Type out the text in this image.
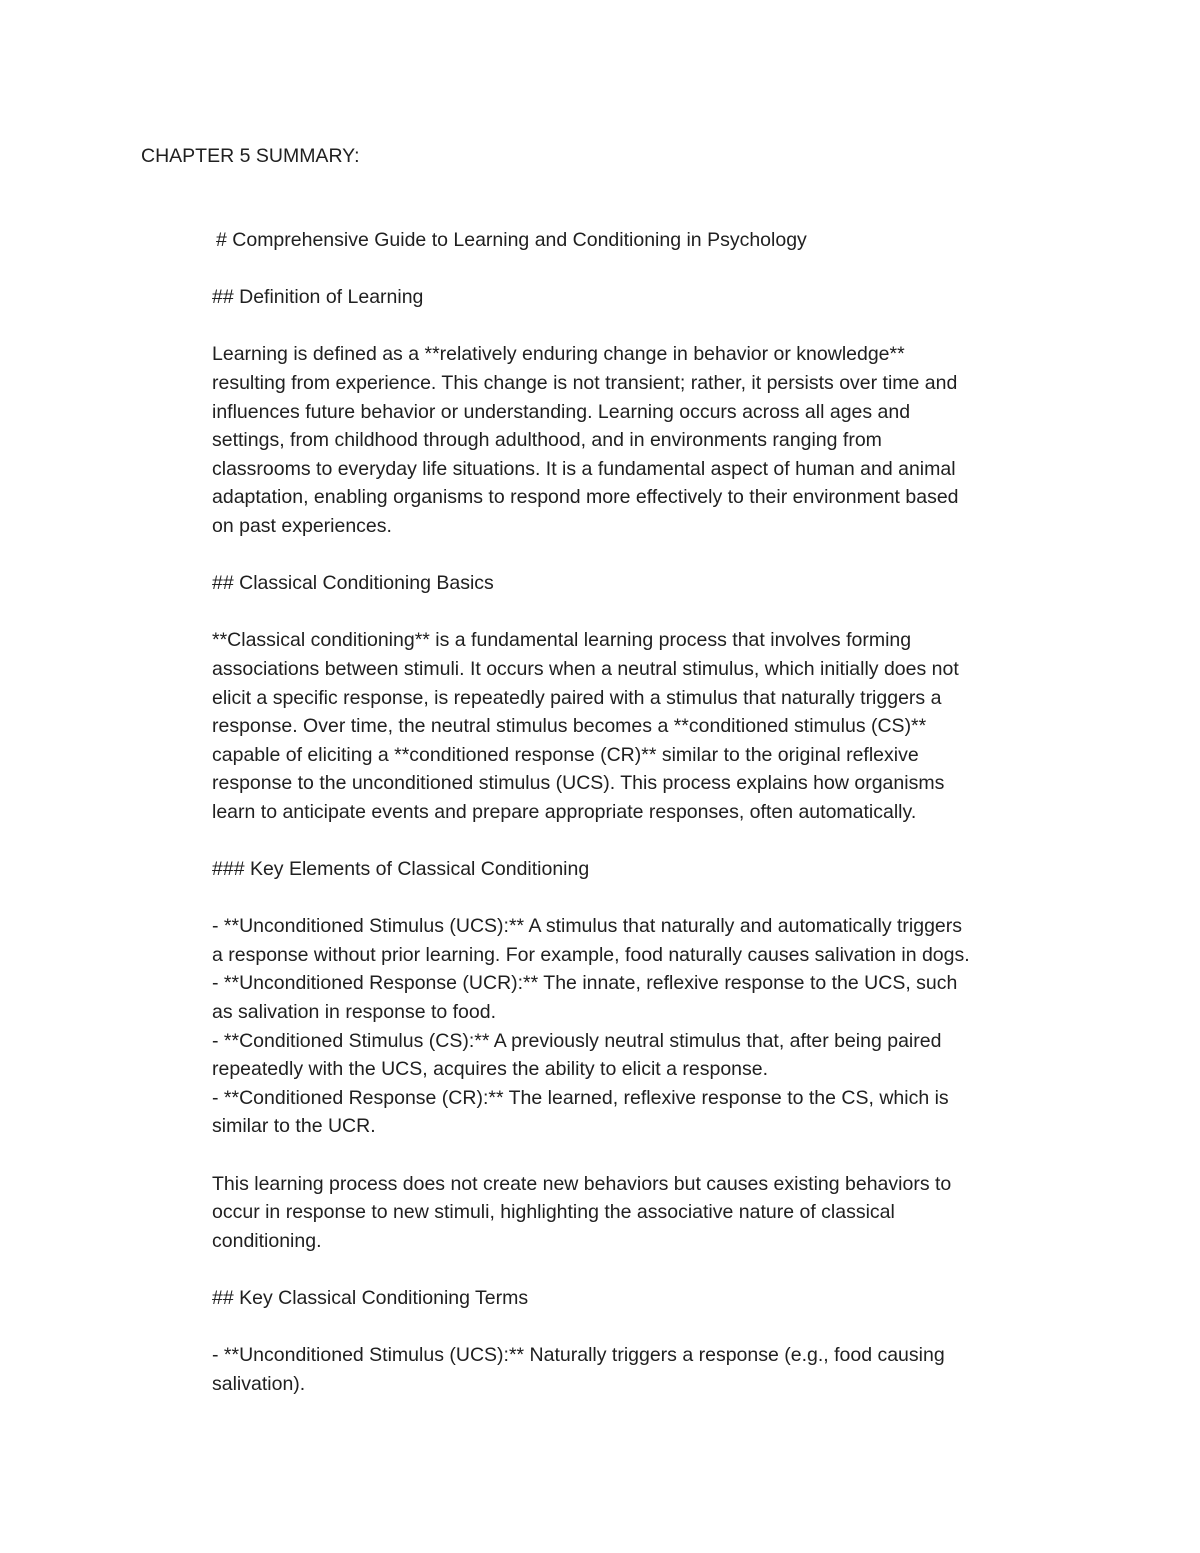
CHAPTER 5 SUMMARY:

# Comprehensive Guide to Learning and Conditioning in Psychology

## Definition of Learning

Learning is defined as a **relatively enduring change in behavior or knowledge**
resulting from experience. This change is not transient; rather, it persists over time and
influences future behavior or understanding. Learning occurs across all ages and
settings, from childhood through adulthood, and in environments ranging from
classrooms to everyday life situations. It is a fundamental aspect of human and animal
adaptation, enabling organisms to respond more effectively to their environment based
on past experiences.

## Classical Conditioning Basics

**Classical conditioning** is a fundamental learning process that involves forming
associations between stimuli. It occurs when a neutral stimulus, which initially does not
elicit a specific response, is repeatedly paired with a stimulus that naturally triggers a
response. Over time, the neutral stimulus becomes a **conditioned stimulus (CS)**
capable of eliciting a **conditioned response (CR)** similar to the original reflexive
response to the unconditioned stimulus (UCS). This process explains how organisms
learn to anticipate events and prepare appropriate responses, often automatically.

### Key Elements of Classical Conditioning

- **Unconditioned Stimulus (UCS):** A stimulus that naturally and automatically triggers
a response without prior learning. For example, food naturally causes salivation in dogs.

- **Unconditioned Response (UCR):** The innate, reflexive response to the UCS, such
as salivation in response to food.

- **Conditioned Stimulus (CS):** A previously neutral stimulus that, after being paired
repeatedly with the UCS, acquires the ability to elicit a response.

- **Conditioned Response (CR):** The learned, reflexive response to the CS, which is
similar to the UCR.

This learning process does not create new behaviors but causes existing behaviors to
occur in response to new stimuli, highlighting the associative nature of classical
conditioning.

## Key Classical Conditioning Terms

- **Unconditioned Stimulus (UCS):** Naturally triggers a response (e.g., food causing
salivation).
